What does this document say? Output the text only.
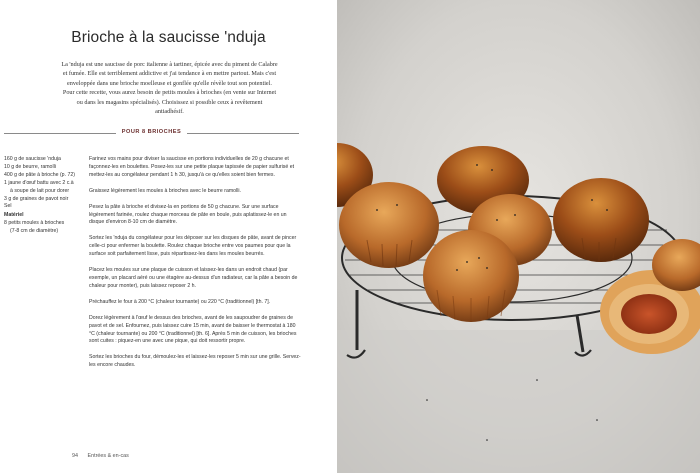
Brioche à la saucisse 'nduja

La 'nduja est une saucisse de porc italienne à tartiner, épicée avec du piment de Calabre

et fumée. Elle est terriblement addictive et j'ai tendance à en mettre partout. Mais c'est

enveloppée dans une brioche moelleuse et gonflée qu'elle révèle tout son potentiel.

Pour cette recette, vous aurez besoin de petits moules à brioches (en vente sur Internet

ou dans les magasins spécialisés). Choisissez si possible ceux à revêtement

antiadhésif.

POUR 8 BRIOCHES
160 g de saucisse 'nduja
10 g de beurre, ramolli
400 g de pâte à brioche (p. 72)
1 jaune d'œuf battu avec 2 c.à
à soupe de lait pour dorer
3 g de graines de pavot noir
Sel
Matériel
8 petits moules à brioches
(7-8 cm de diamètre)

Farinez vos mains pour diviser la saucisse en portions individuelles de 20 g chacune et façonnez-les en boulettes. Posez-les sur une petite plaque tapissée de papier sulfurisé et mettez-les au congélateur pendant 1 h 30, jusqu'à ce qu'elles soient bien fermes.

Graissez légèrement les moules à brioches avec le beurre ramolli.

Pesez la pâte à brioche et divisez-la en portions de 50 g chacune. Sur une surface légèrement farinée, roulez chaque morceau de pâte en boule, puis aplatissez-le en un disque d'environ 8-10 cm de diamètre.

Sortez les 'nduja du congélateur pour les déposer sur les disques de pâte, avant de pincer celle-ci pour enfermer la boulette. Roulez chaque brioche entre vos paumes pour que la surface soit parfaitement lisse, puis répartissez-les dans les moules beurrés.

Placez les moules sur une plaque de cuisson et laissez-les dans un endroit chaud (par exemple, un placard aéré ou une étagère au-dessus d'un radiateur, car la pâte a besoin de chaleur pour monter), puis laissez reposer 2 h.

Préchauffez le four à 200 °C (chaleur tournante) ou 220 °C (traditionnel) [th. 7].

Dorez légèrement à l'œuf le dessus des brioches, avant de les saupoudrer de graines de pavot et de sel. Enfournez, puis laissez cuire 15 min, avant de baisser le thermostat à 180 °C (chaleur tournante) ou 200 °C (traditionnel) [th. 6]. Après 5 min de cuisson, les brioches sont cuites : piquez-en une avec une pique, qui doit ressortir propre.

Sortez les brioches du four, démoulez-les et laissez-les reposer 5 min sur une grille. Servez-les encore chaudes.

94 Entrées & en-cas
